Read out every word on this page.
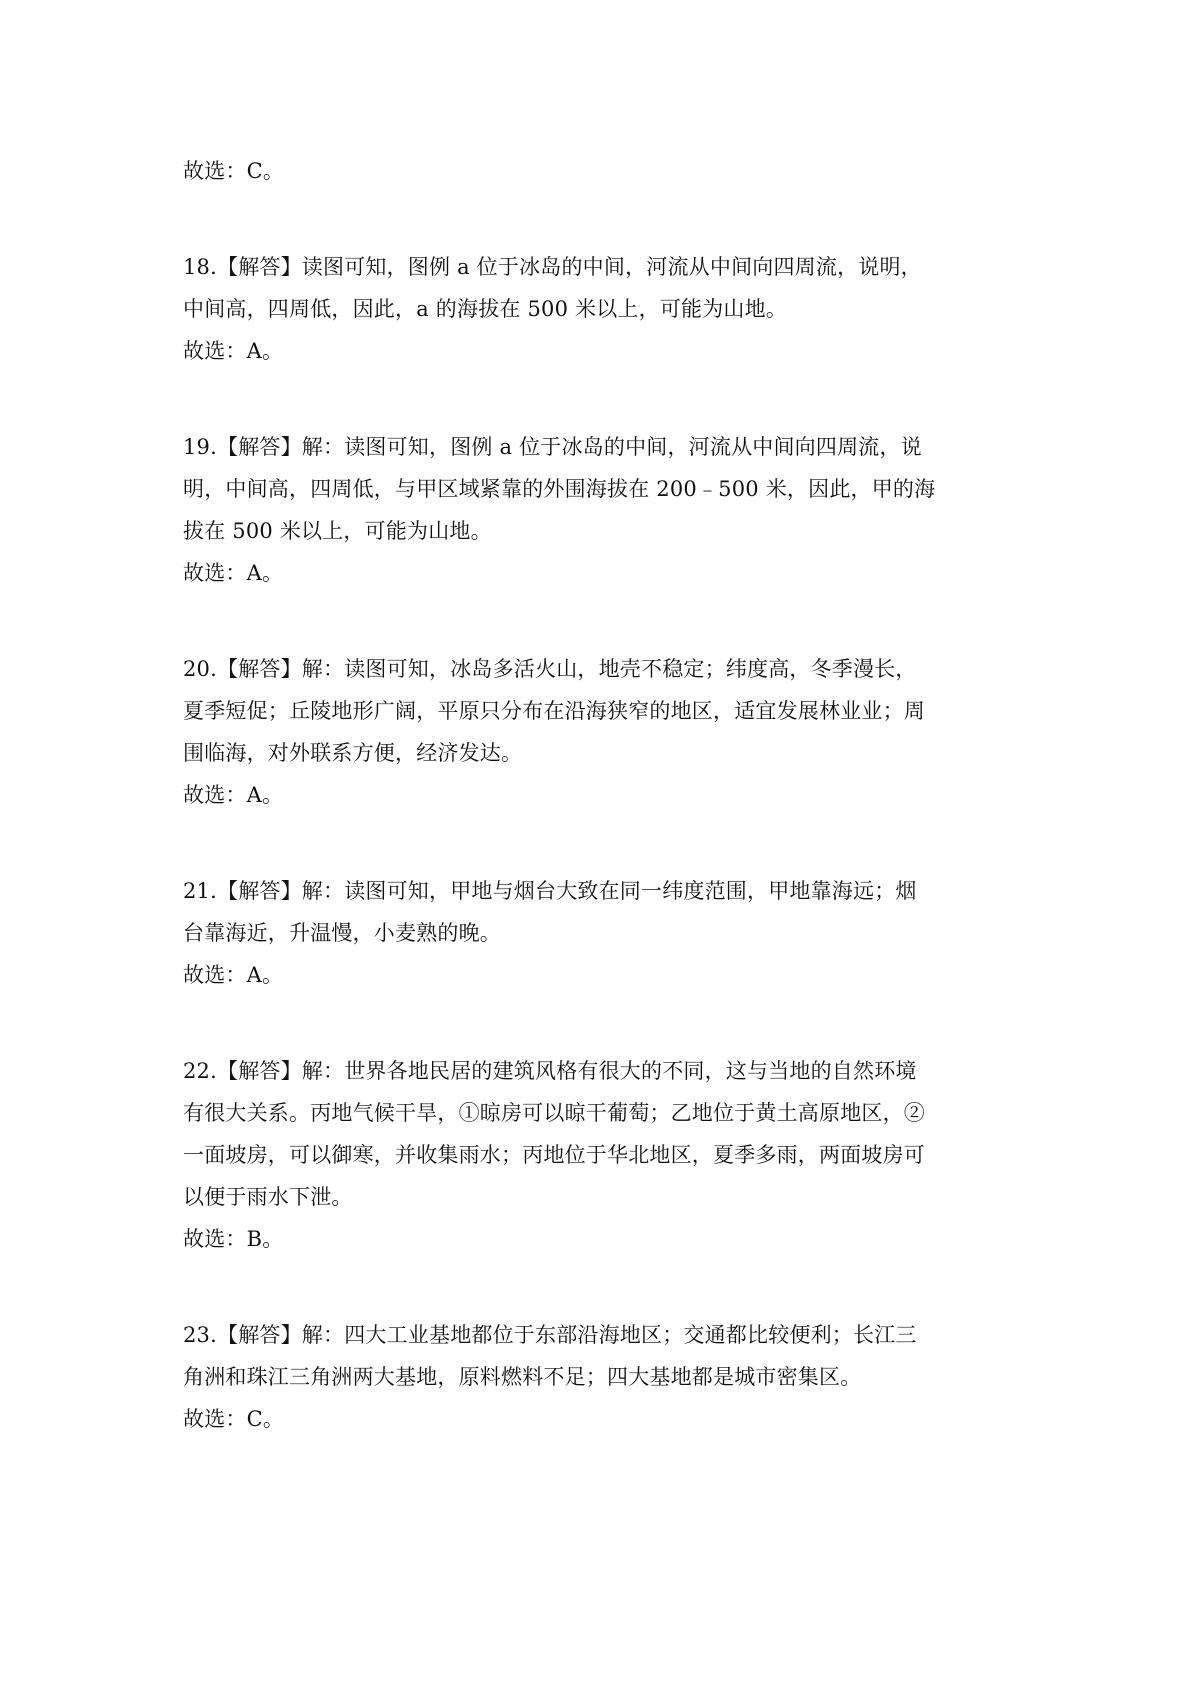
故选：C。
18.【解答】读图可知，图例 a 位于冰岛的中间，河流从中间向四周流，说明，
中间高，四周低，因此，a 的海拔在 500 米以上，可能为山地。
故选：A。
19.【解答】解：读图可知，图例 a 位于冰岛的中间，河流从中间向四周流，说
明，中间高，四周低，与甲区域紧靠的外围海拔在 200﹣500 米，因此，甲的海
拔在 500 米以上，可能为山地。
故选：A。
20.【解答】解：读图可知，冰岛多活火山，地壳不稳定；纬度高，冬季漫长，
夏季短促；丘陵地形广阔，平原只分布在沿海狭窄的地区，适宜发展林业业；周
围临海，对外联系方便，经济发达。
故选：A。
21.【解答】解：读图可知，甲地与烟台大致在同一纬度范围，甲地靠海远；烟
台靠海近，升温慢，小麦熟的晚。
故选：A。
22.【解答】解：世界各地民居的建筑风格有很大的不同，这与当地的自然环境
有很大关系。丙地气候干旱，①晾房可以晾干葡萄；乙地位于黄土高原地区，②
一面坡房，可以御寒，并收集雨水；丙地位于华北地区，夏季多雨，两面坡房可
以便于雨水下泄。
故选：B。
23.【解答】解：四大工业基地都位于东部沿海地区；交通都比较便利；长江三
角洲和珠江三角洲两大基地，原料燃料不足；四大基地都是城市密集区。
故选：C。
